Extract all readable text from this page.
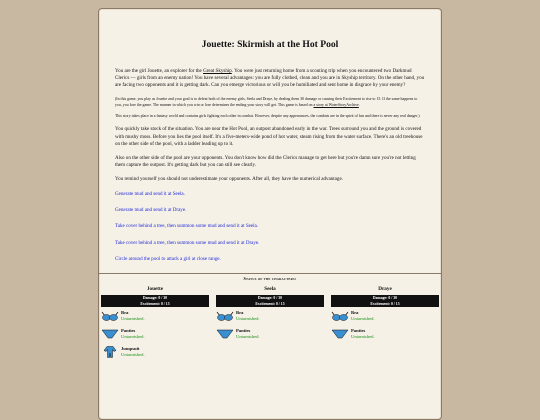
Jouette: Skirmish at the Hot Pool

You are the girl Jouette, an explorer for the Great Skyship. You were just returning home from a scouting trip when you encountered two Darkmud Clerics — girls from an enemy nation! You have several advantages: you are fully clothed, clean and you are in Skyship territory. On the other hand, you are facing two opponents and it is getting dark. Can you emerge victorious or will you be humiliated and sent home in disgrace by your enemy?

(In this game, you play as Jouette and your goal is to defeat both of the enemy girls, Seela and Draye, by dealing them 30 damage or causing their Excitement to rise to 15. If the same happens to you, you lose the game. The manner in which you win or lose determines the ending your story will get. This game is based on a story at WaterStoryArchive.

This story takes place in a fantasy world and contains girls fighting each other in combat. However, despite any appearances, the combats are in the spirit of fun and there is never any real danger.)

You quickly take stock of the situation. You are near the Hot Pool, an outpost abandoned early in the war. Trees surround you and the ground is covered with mushy moss. Before you lies the pool itself. It's a five-meters-wide pond of hot water, steam rising from the water surface. There's an old treehouse on the other side of the pool, with a ladder leading up to it.

Also on the other side of the pool are your opponents. You don't know how did the Clerics manage to get here but you're damn sure you're not letting them capture the outpost. It's getting dark but you can still see clearly.

You remind yourself you should not underestimate your opponents. After all, they have the numerical advantage.

Generate mud and send it at Seela.

Generate mud and send it at Draye.

Take cover behind a tree, then summon some mud and send it at Seela.

Take cover behind a tree, then summon some mud and send it at Draye.

Circle around the pool to attack a girl at close range.

Status of the characters:
Jouette
Damage: 0 / 30
Excitement: 0 / 15
Bra
Untarnished.
Panties
Untarnished.
Jumpsuit
Untarnished.
Seela
Damage: 0 / 30
Excitement: 0 / 15
Bra
Untarnished.
Panties
Untarnished.
Draye
Damage: 0 / 30
Excitement: 0 / 15
Bra
Untarnished.
Panties
Untarnished.
